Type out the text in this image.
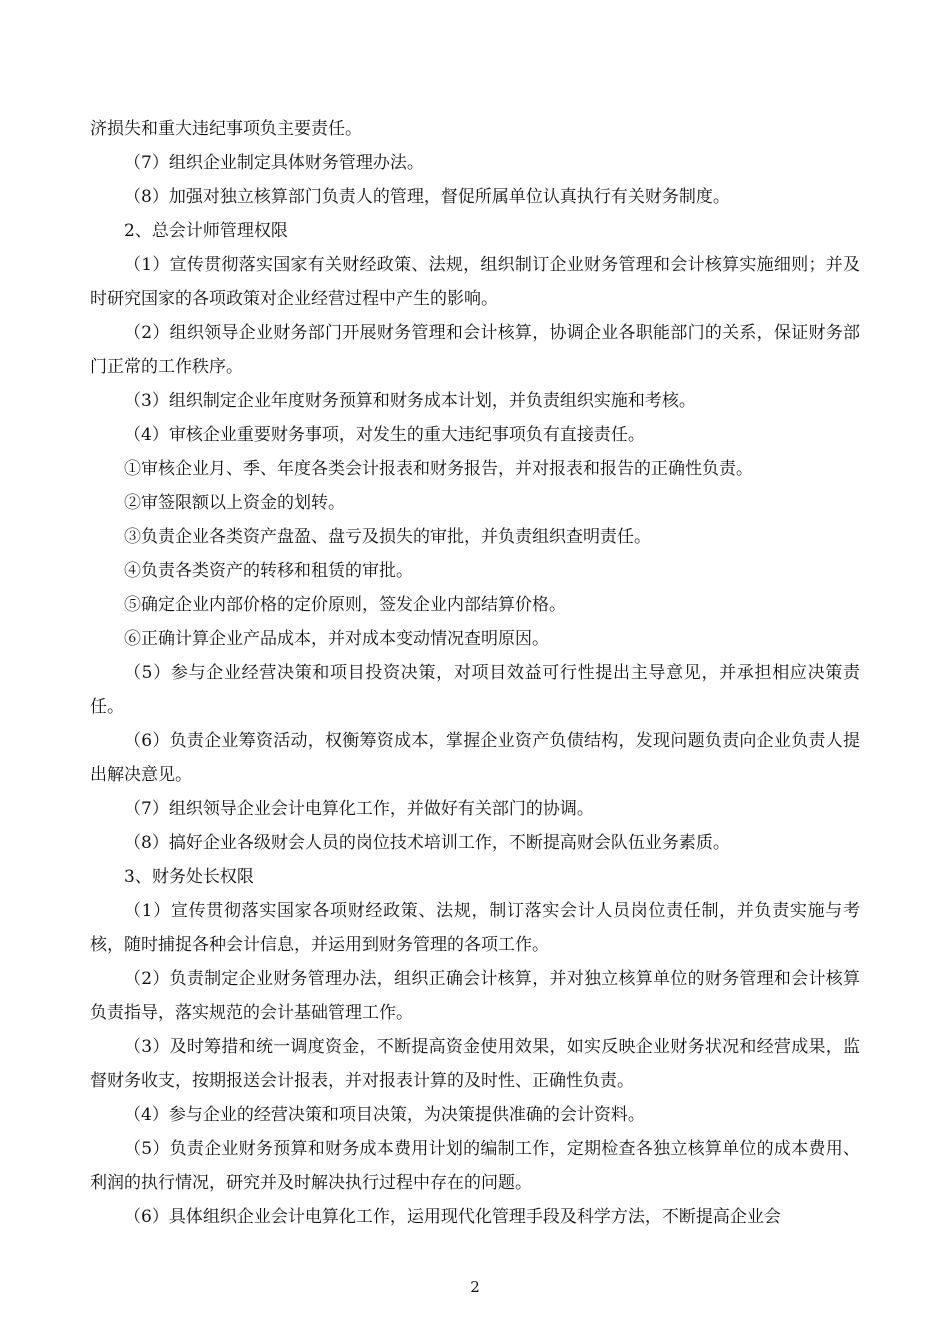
济损失和重大违纪事项负主要责任。

（7）组织企业制定具体财务管理办法。

（8）加强对独立核算部门负责人的管理，督促所属单位认真执行有关财务制度。

2、总会计师管理权限

（1）宣传贯彻落实国家有关财经政策、法规，组织制订企业财务管理和会计核算实施细则；并及时研究国家的各项政策对企业经营过程中产生的影响。

（2）组织领导企业财务部门开展财务管理和会计核算，协调企业各职能部门的关系，保证财务部门正常的工作秩序。

（3）组织制定企业年度财务预算和财务成本计划，并负责组织实施和考核。

（4）审核企业重要财务事项，对发生的重大违纪事项负有直接责任。

①审核企业月、季、年度各类会计报表和财务报告，并对报表和报告的正确性负责。

②审签限额以上资金的划转。

③负责企业各类资产盘盈、盘亏及损失的审批，并负责组织查明责任。

④负责各类资产的转移和租赁的审批。

⑤确定企业内部价格的定价原则，签发企业内部结算价格。

⑥正确计算企业产品成本，并对成本变动情况查明原因。

（5）参与企业经营决策和项目投资决策，对项目效益可行性提出主导意见，并承担相应决策责任。

（6）负责企业筹资活动，权衡筹资成本，掌握企业资产负债结构，发现问题负责向企业负责人提出解决意见。

（7）组织领导企业会计电算化工作，并做好有关部门的协调。

（8）搞好企业各级财会人员的岗位技术培训工作，不断提高财会队伍业务素质。

3、财务处长权限

（1）宣传贯彻落实国家各项财经政策、法规，制订落实会计人员岗位责任制，并负责实施与考核，随时捕捉各种会计信息，并运用到财务管理的各项工作。

（2）负责制定企业财务管理办法，组织正确会计核算，并对独立核算单位的财务管理和会计核算负责指导，落实规范的会计基础管理工作。

（3）及时筹措和统一调度资金，不断提高资金使用效果，如实反映企业财务状况和经营成果，监督财务收支，按期报送会计报表，并对报表计算的及时性、正确性负责。

（4）参与企业的经营决策和项目决策，为决策提供准确的会计资料。

（5）负责企业财务预算和财务成本费用计划的编制工作，定期检查各独立核算单位的成本费用、利润的执行情况，研究并及时解决执行过程中存在的问题。

（6）具体组织企业会计电算化工作，运用现代化管理手段及科学方法，不断提高企业会

2
